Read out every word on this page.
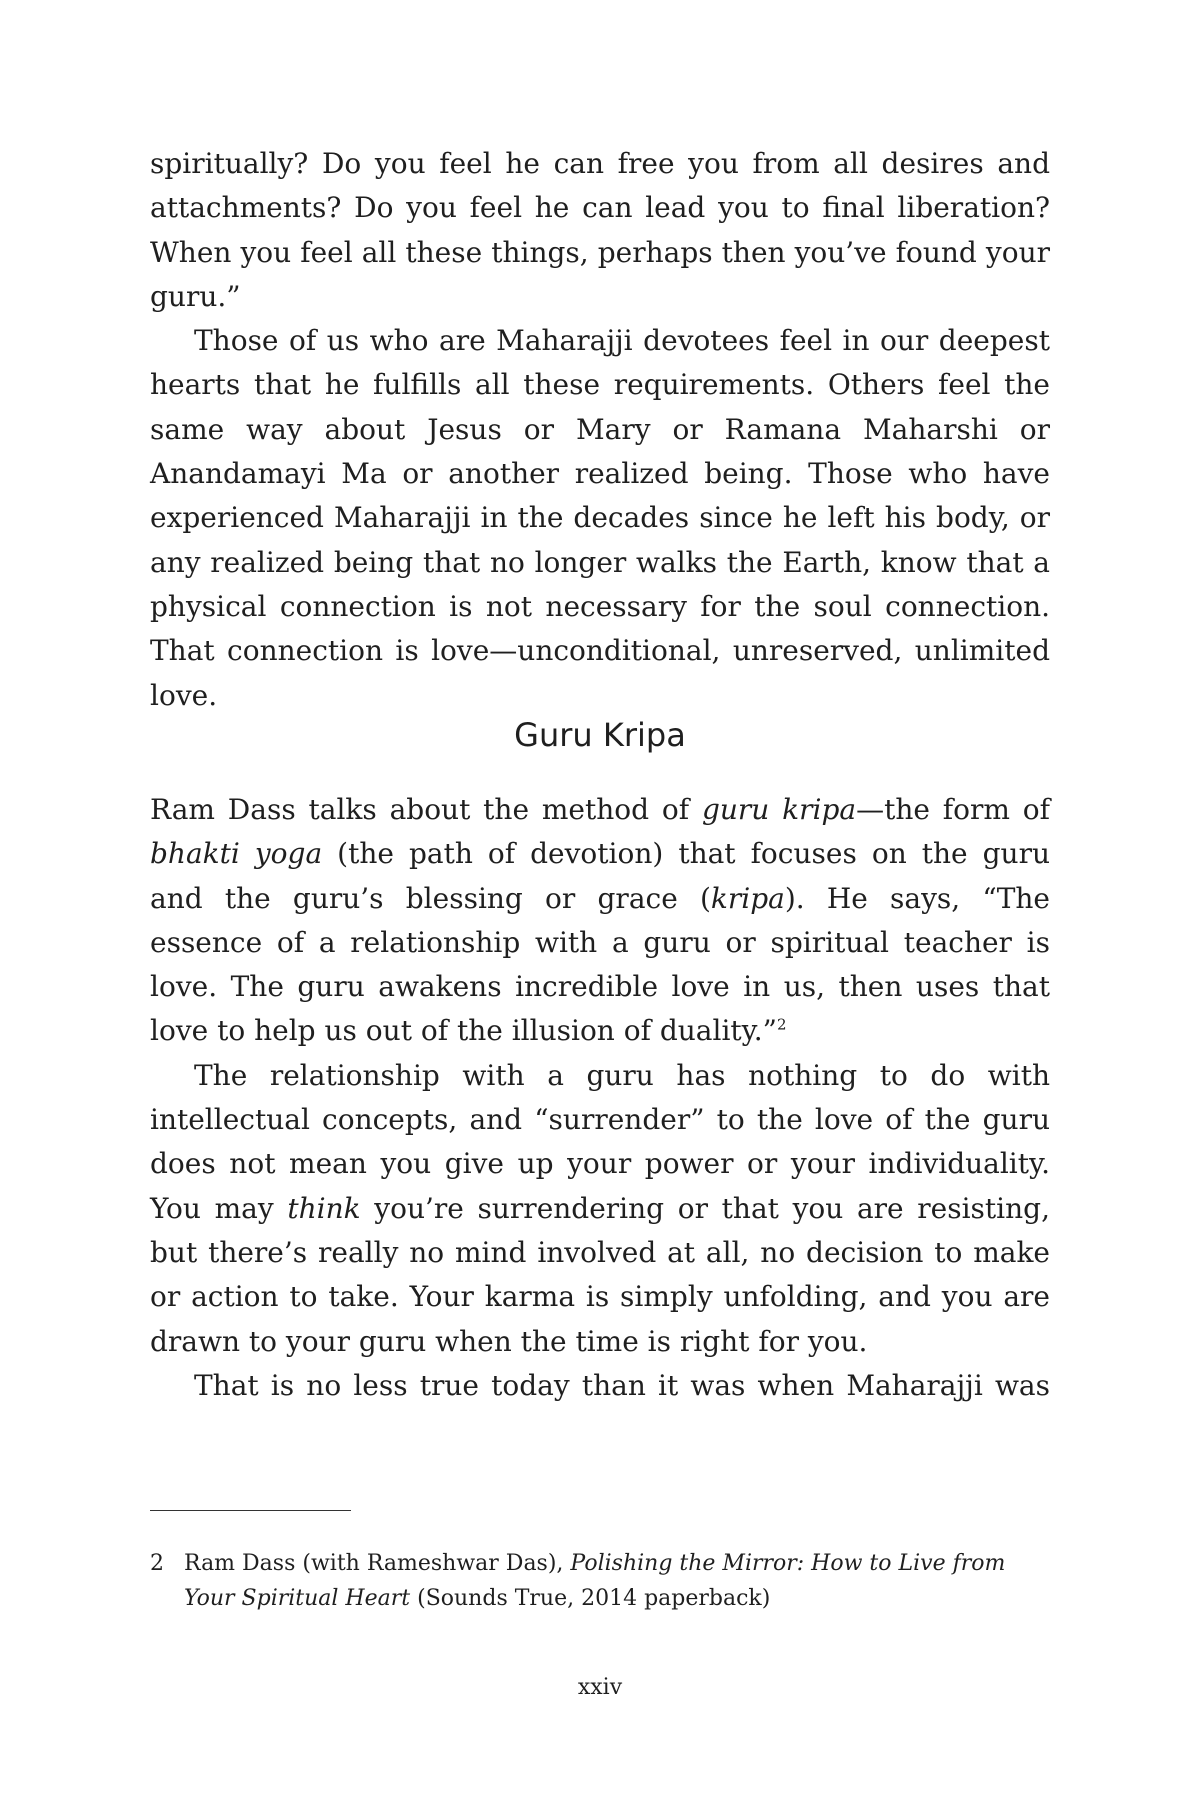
spiritually? Do you feel he can free you from all desires and attachments? Do you feel he can lead you to final liberation? When you feel all these things, perhaps then you’ve found your guru.”

Those of us who are Maharajji devotees feel in our deepest hearts that he fulfills all these requirements. Others feel the same way about Jesus or Mary or Ramana Maharshi or Anandamayi Ma or another realized being. Those who have experienced Maharajji in the decades since he left his body, or any realized being that no longer walks the Earth, know that a physical connection is not necessary for the soul connection. That connection is love—unconditional, unreserved, unlimited love.

Guru Kripa

Ram Dass talks about the method of guru kripa—the form of bhakti yoga (the path of devotion) that focuses on the guru and the guru’s blessing or grace (kripa). He says, “The essence of a relationship with a guru or spiritual teacher is love. The guru awakens incredible love in us, then uses that love to help us out of the illusion of duality.”$^2$

The relationship with a guru has nothing to do with intellectual concepts, and “surrender” to the love of the guru does not mean you give up your power or your individuality. You may think you’re surrendering or that you are resisting, but there’s really no mind involved at all, no decision to make or action to take. Your karma is simply unfolding, and you are drawn to your guru when the time is right for you.

That is no less true today than it was when Maharajji was

2 Ram Dass (with Rameshwar Das), Polishing the Mirror: How to Live from Your Spiritual Heart (Sounds True, 2014 paperback)
xxiv
